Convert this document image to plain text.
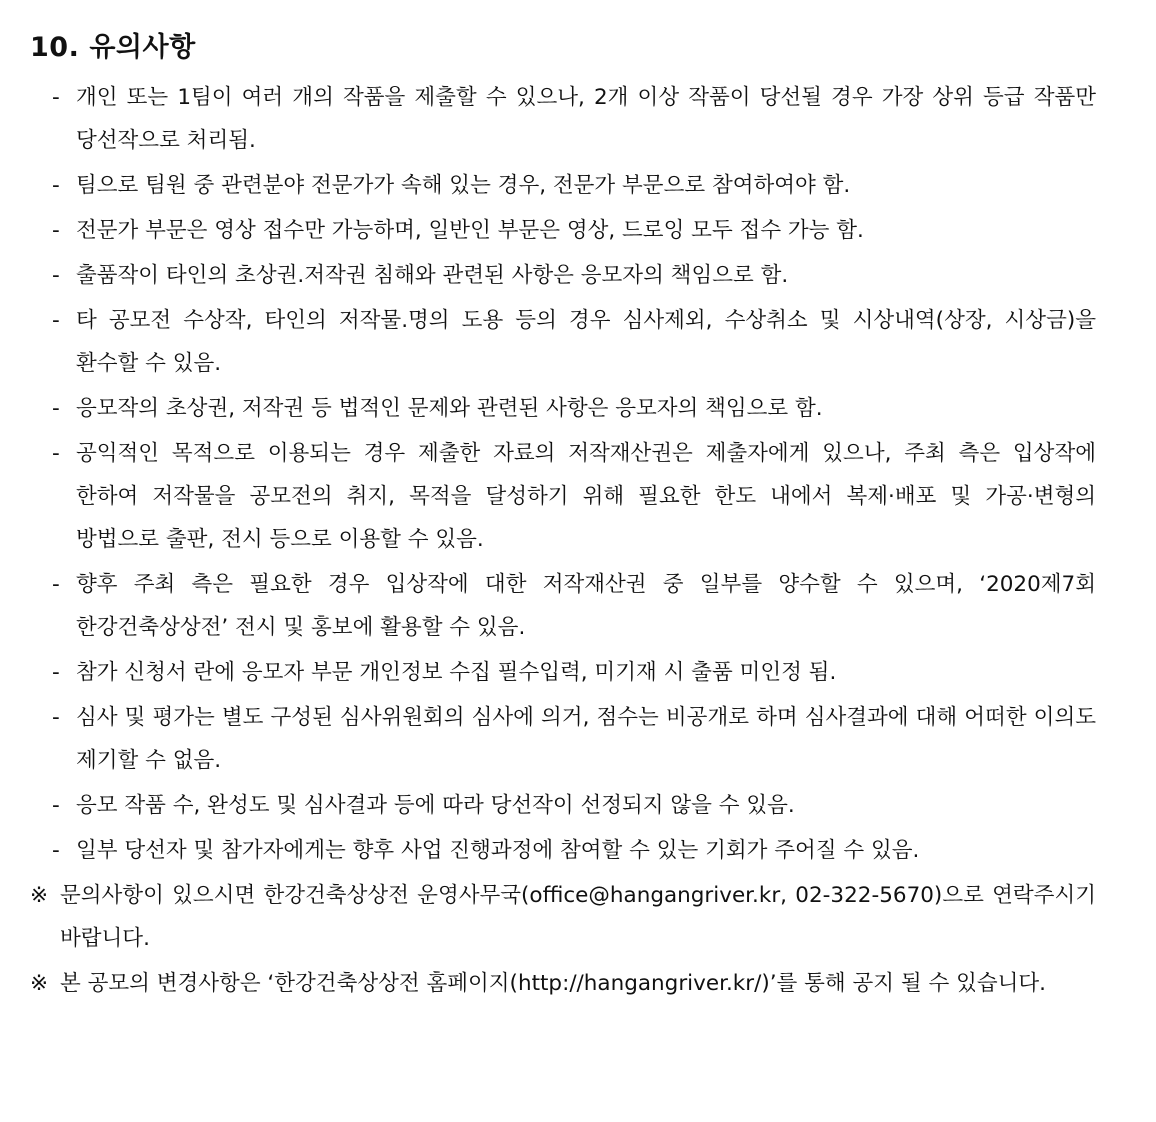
10. 유의사항
- 개인 또는 1팀이 여러 개의 작품을 제출할 수 있으나, 2개 이상 작품이 당선될 경우 가장 상위 등급 작품만 당선작으로 처리됨.
- 팀으로 팀원 중 관련분야 전문가가 속해 있는 경우, 전문가 부문으로 참여하여야 함.
- 전문가 부문은 영상 접수만 가능하며, 일반인 부문은 영상, 드로잉 모두 접수 가능 함.
- 출품작이 타인의 초상권.저작권 침해와 관련된 사항은 응모자의 책임으로 함.
- 타 공모전 수상작, 타인의 저작물.명의 도용 등의 경우 심사제외, 수상취소 및 시상내역(상장, 시상금)을 환수할 수 있음.
- 응모작의 초상권, 저작권 등 법적인 문제와 관련된 사항은 응모자의 책임으로 함.
- 공익적인 목적으로 이용되는 경우 제출한 자료의 저작재산권은 제출자에게 있으나, 주최 측은 입상작에 한하여 저작물을 공모전의 취지, 목적을 달성하기 위해 필요한 한도 내에서 복제·배포 및 가공·변형의 방법으로 출판, 전시 등으로 이용할 수 있음.
- 향후 주최 측은 필요한 경우 입상작에 대한 저작재산권 중 일부를 양수할 수 있으며, ‘2020제7회 한강건축상상전’ 전시 및 홍보에 활용할 수 있음.
- 참가 신청서 란에 응모자 부문 개인정보 수집 필수입력, 미기재 시 출품 미인정 됨.
- 심사 및 평가는 별도 구성된 심사위원회의 심사에 의거, 점수는 비공개로 하며 심사결과에 대해 어떠한 이의도 제기할 수 없음.
- 응모 작품 수, 완성도 및 심사결과 등에 따라 당선작이 선정되지 않을 수 있음.
- 일부 당선자 및 참가자에게는 향후 사업 진행과정에 참여할 수 있는 기회가 주어질 수 있음.
※ 문의사항이 있으시면 한강건축상상전 운영사무국(office@hangangriver.kr, 02-322-5670)으로 연락주시기 바랍니다.
※ 본 공모의 변경사항은 ‘한강건축상상전 홈페이지(http://hangangriver.kr/)’를 통해 공지 될 수 있습니다.
